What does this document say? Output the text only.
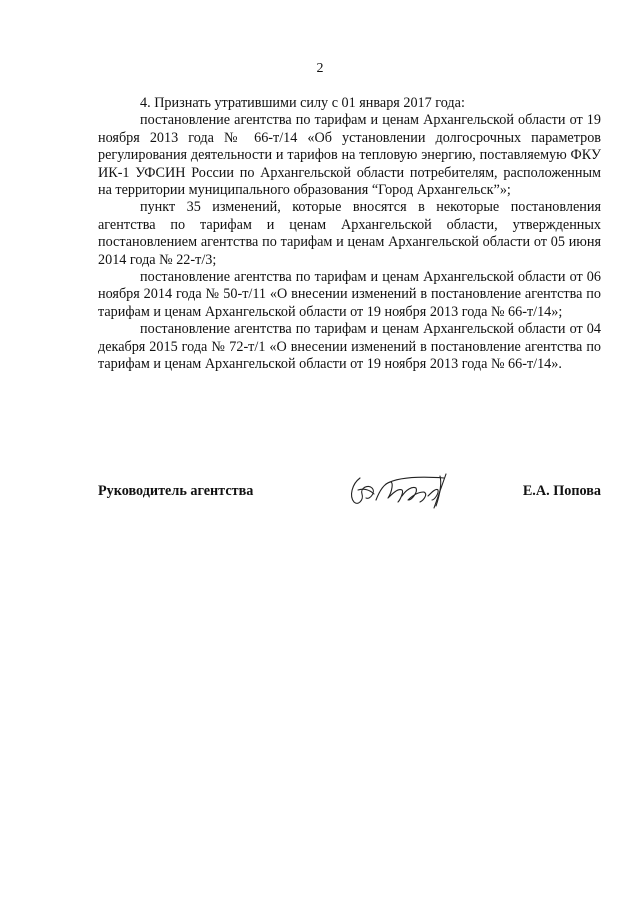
2

4. Признать утратившими силу с 01 января 2017 года:

постановление агентства по тарифам и ценам Архангельской области от 19 ноября 2013 года № 66-т/14 «Об установлении долгосрочных параметров регулирования деятельности и тарифов на тепловую энергию, поставляемую ФКУ ИК-1 УФСИН России по Архангельской области потребителям, расположенным на территории муниципального образования “Город Архангельск”»;

пункт 35 изменений, которые вносятся в некоторые постановления агентства по тарифам и ценам Архангельской области, утвержденных постановлением агентства по тарифам и ценам Архангельской области от 05 июня 2014 года № 22-т/3;

постановление агентства по тарифам и ценам Архангельской области от 06 ноября 2014 года № 50-т/11 «О внесении изменений в постановление агентства по тарифам и ценам Архангельской области от 19 ноября 2013 года № 66-т/14»;

постановление агентства по тарифам и ценам Архангельской области от 04 декабря 2015 года № 72-т/1 «О внесении изменений в постановление агентства по тарифам и ценам Архангельской области от 19 ноября 2013 года № 66-т/14».

Руководитель агентства	Е.А. Попова
